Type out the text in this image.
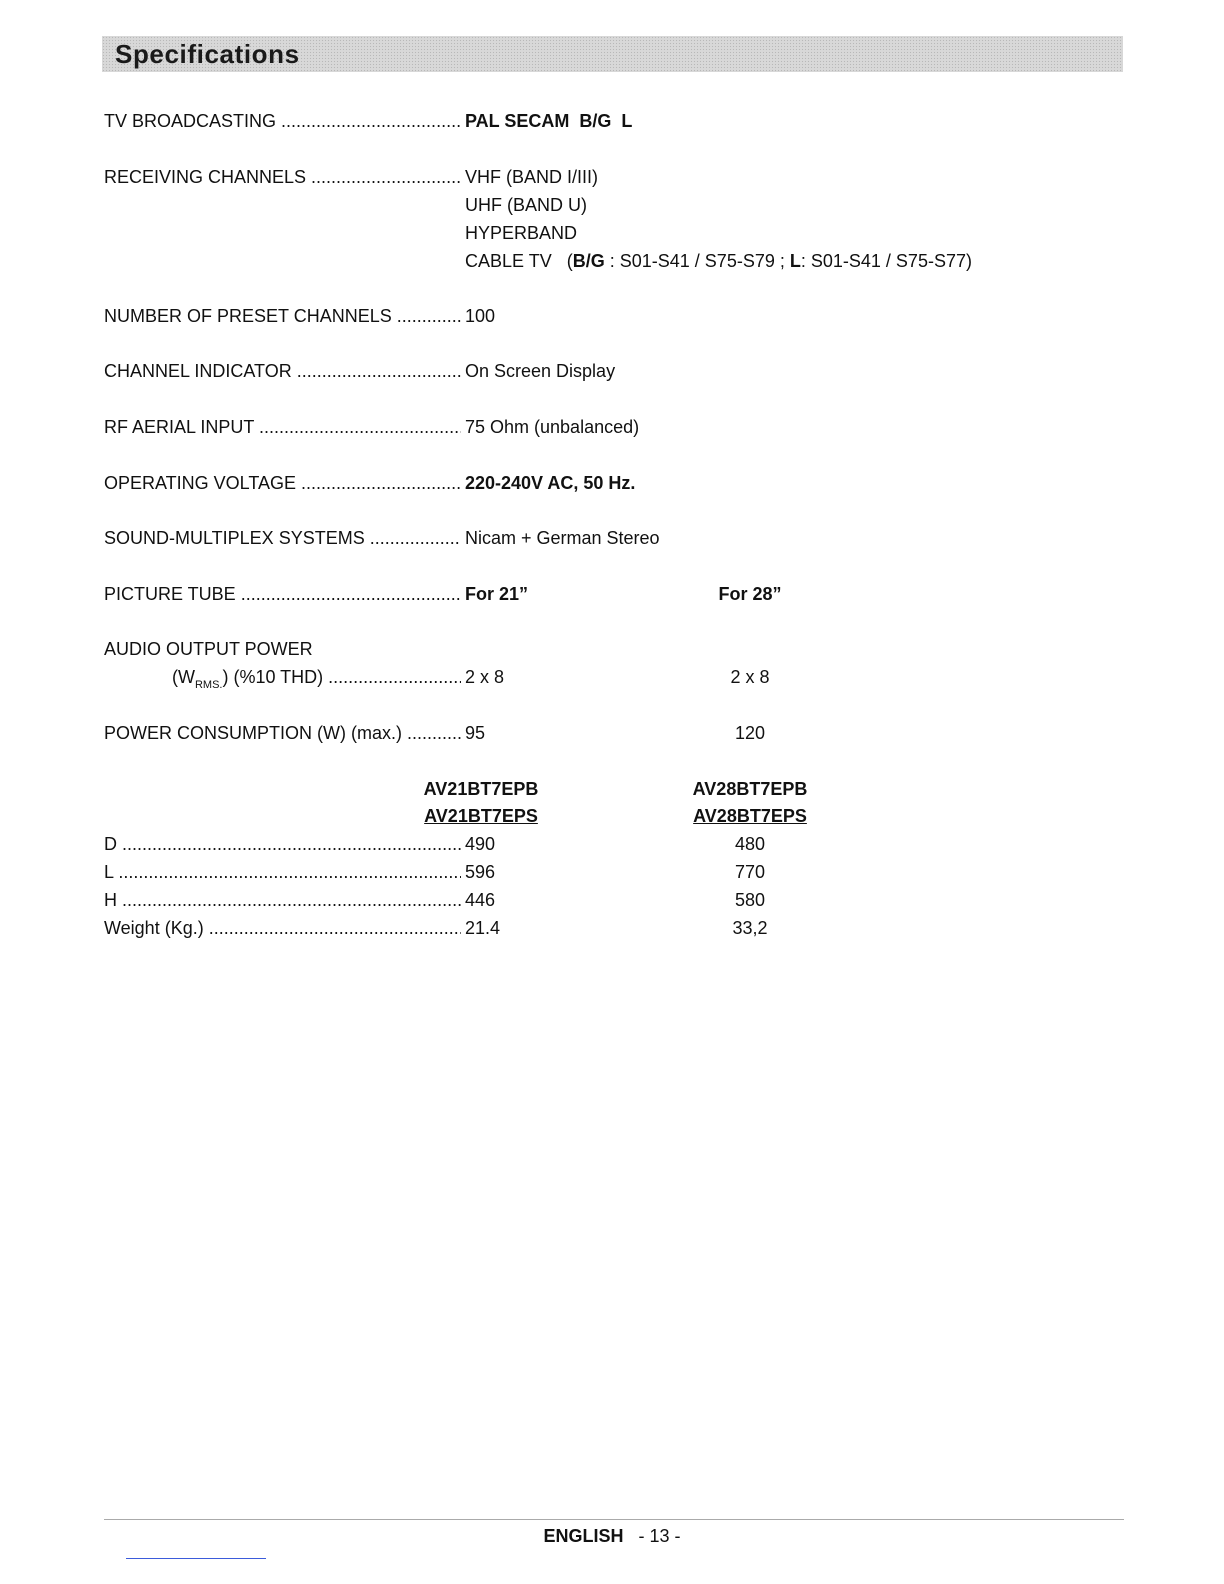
Specifications
TV BROADCASTING .....	PAL SECAM  B/G  L
RECEIVING CHANNELS .....	VHF (BAND I/III)
UHF (BAND U)
HYPERBAND
CABLE TV   (B/G : S01-S41 / S75-S79 ; L: S01-S41 / S75-S77)
NUMBER OF PRESET CHANNELS .....	100
CHANNEL INDICATOR .....	On Screen Display
RF AERIAL INPUT .....	75 Ohm (unbalanced)
OPERATING VOLTAGE .....	220-240V AC, 50 Hz.
SOUND-MULTIPLEX SYSTEMS .....	Nicam + German Stereo
PICTURE TUBE .....	For 21”	For 28”
AUDIO OUTPUT POWER
$(W_{RMS.})$ (%10 THD) .....	2 x 8	2 x 8
POWER CONSUMPTION (W) (max.) .....	95	120
AV21BT7EPB	AV28BT7EPB
AV21BT7EPS	AV28BT7EPS
D .....	490	480
L .....	596	770
H .....	446	580
Weight (Kg.) .....	21.4	33,2
ENGLISH - 13 -
